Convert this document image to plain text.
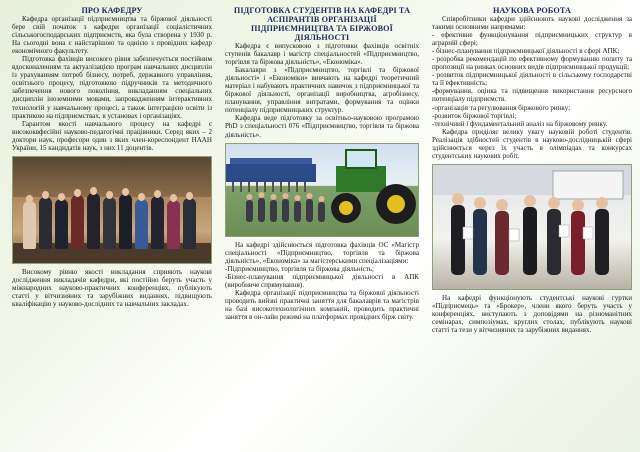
ПРО КАФЕДРУ

Кафедра організації підприємництва та біржової діяльності бере свій початок з кафедри організації соціалістичних сільськогосподарських підприємств, яка була створена у 1930 р. На сьогодні вона є найстарішою та однією з провідних кафедр економічного факультету.

Підготовка фахівців високого рівня забезпечується постійним вдосконаленням та актуалізацією програм навчальних дисциплін із урахуванням потреб бізнесу, потреб, державного управління, освітнього процесу, підготовкою підручників та методичного забезпечення нового покоління, викладанням спеціальних дисциплін іноземними мовами, запровадженням інтерактивних технологій у навчальному процесі, а також інтеграцією освіти із практикою на підприємствах, в установах і організаціях.

Гарантом якості навчального процесу на кафедрі є висококвфесійні науково-педагогічні працівники. Серед яких – 2 доктори наук, професори один з яких член-кореспондент НААН України, 15 кандидатів наук, з них 11 доцентів.

Високому рівню якості викладання сприяють наукові дослідження викладачів кафедри, які постійно беруть участь у міжнародних науково-практичних конференціях, публікують статті у вітчизняних та зарубіжних виданнях, підвищують кваліфікацію у науково-дослідних та навчальних закладах.

ПІДГОТОВКА СТУДЕНТІВ НА КАФЕДРІ ТА АСПІРАНТІВ ОРГАНІЗАЦІЇ ПІДПРИЄМНИЦТВА ТА БІРЖОВОЇ ДІЯЛЬНОСТІ

Кафедра є випусковою з підготовки фахівців освітніх ступенів бакалавр і магістр спеціальностей «Підприємництво, торгівля та біржова діяльність», «Економіка».

Бакалаври з «Підприємництво, торгівлі та біржової діяльності» і «Економіки» вивчають на кафедрі теоретичний матеріал і набувають практичних навичок з підприємницької та біржової діяльності, організації виробництва, агробізнесу, планування, управління витратами, формування та оцінки потенціалу підприємницьких структур.

Кафедра веде підготовку за освітньо-науковою програмою PhD з спеціальності 076 «Підприємництво, торгівля та біржова діяльність».

На кафедрі здійснюється підготовка фахівців ОС «Магістр спеціальності «Підприємництво, торгівля та біржова діяльність», «Економіка» за магістерськими спеціалізаціями:

-Підприємництво, торгівля та біржова діяльність;

-Бізнес-планування підприємницької діяльності в АПК (виробниче спрямування).

Кафедра організації підприємництва та біржової діяльності проводить вийзні практичні заняття для бакалаврів та магістрів на базі високотехнологічних компаній, проводить практичні заняття в он-лайн режимі на платформах провідних бірж світу.

НАУКОВА РОБОТА

Співробітники кафедри здійснюють наукові дослідження за такими основними напрямами:

- ефективне функціонування підприємницьких структур в аграрній сфері;

- бізнес-планування підприємницької діяльності в сфері АПК;

- розробка рекомендацій по ефективному формуванню попиту та пропозиції на ринках основних видів підприємницької продукції;

- розвиток підприємницької діяльності в сільському господарстві та її ефективність;

-формування, оцінка та підвищення використання ресурсного потенціалу підприємств.

-організація та регулювання біржового ринку;

-розвиток біржової торгівлі;

-технічний і фундаментальний аналіз на біржовому ринку.

Кафедра приділяє велику увагу науковій роботі студентів. Реалізація здібностей студентів в науково-дослідницькій сфері здійснюється через їх участь в олімпіадах та конкурсах студентських наукових робіт.

На кафедрі функціонують студентські наукові гуртки «Підприємець» та «Брокер», члени якого беруть участь у конференціях, виступають з доповідями на різноманітних семінарах, симпозіумах, круглих столах, публікують наукові статті та тези у вітчизняних та зарубіжних виданнях.
